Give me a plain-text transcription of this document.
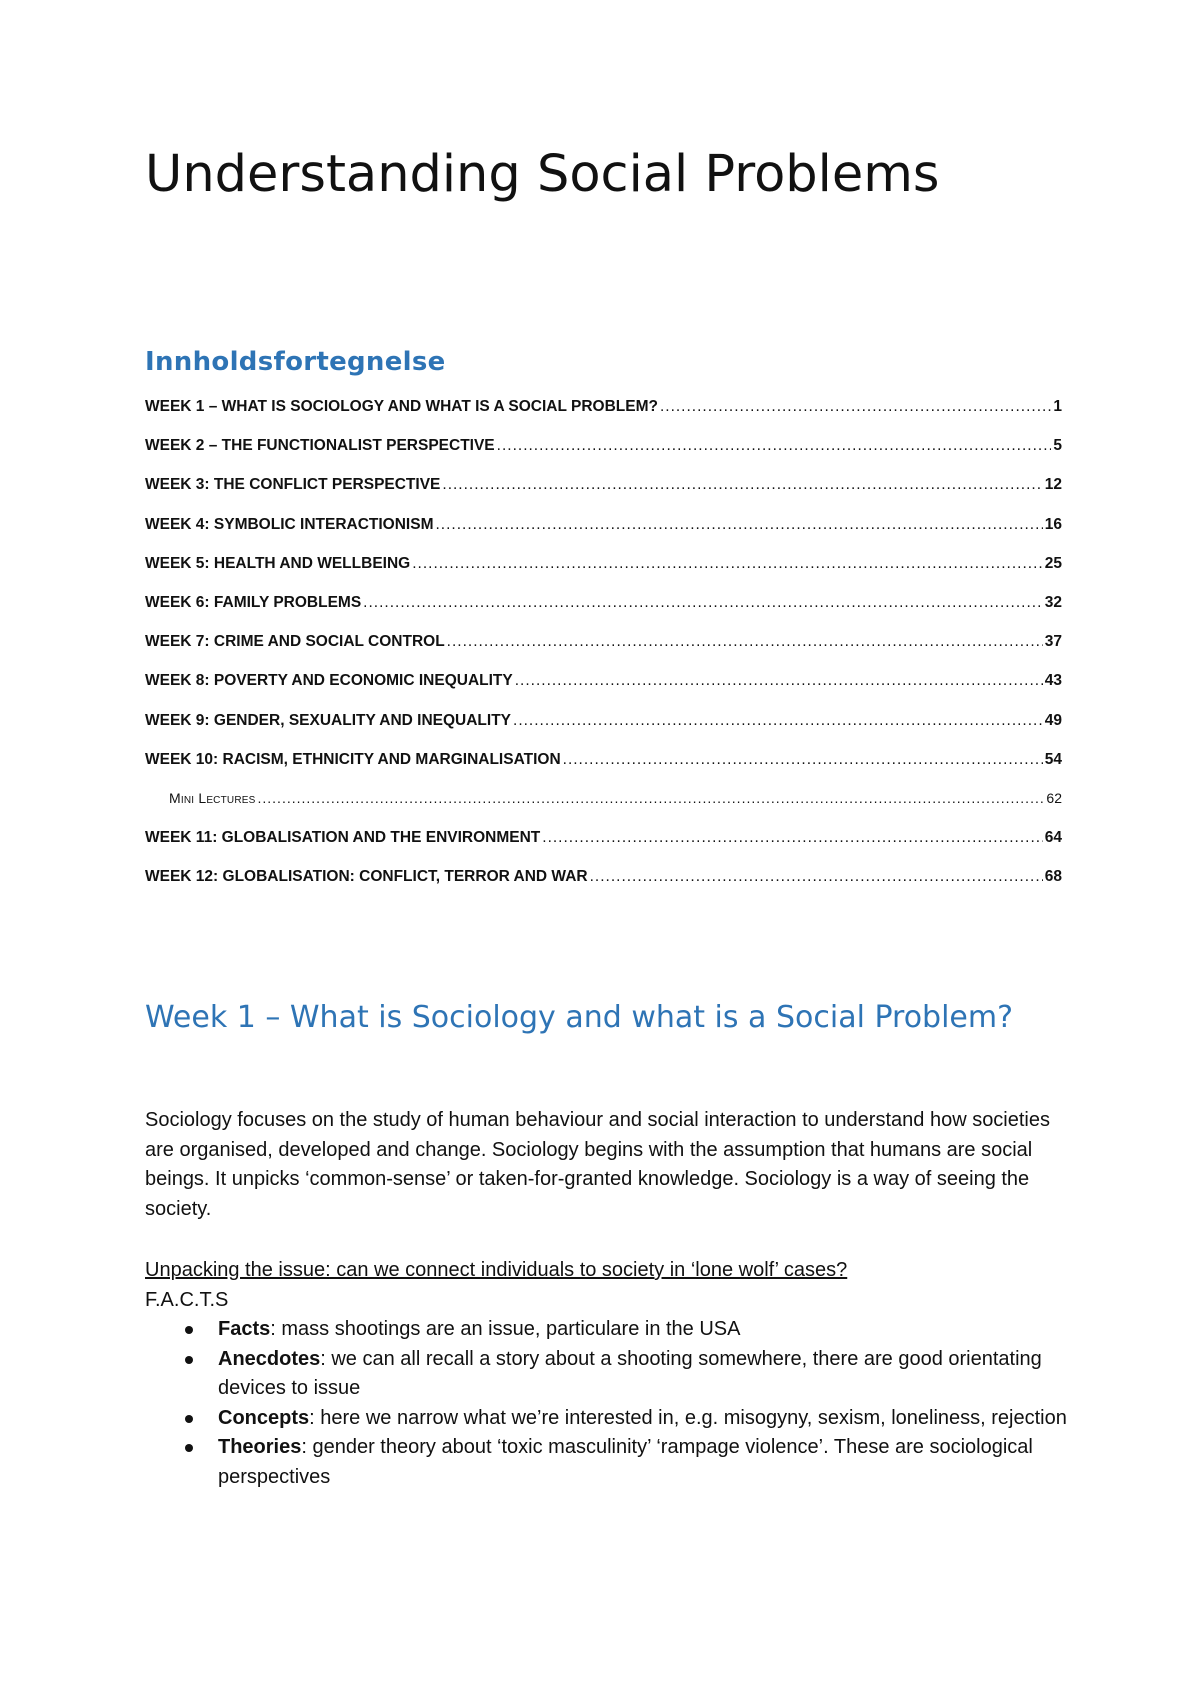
Understanding Social Problems
Innholdsfortegnelse
WEEK 1 – WHAT IS SOCIOLOGY AND WHAT IS A SOCIAL PROBLEM? .....	1
WEEK 2 – THE FUNCTIONALIST PERSPECTIVE .....	5
WEEK 3: THE CONFLICT PERSPECTIVE .....	12
WEEK 4: SYMBOLIC INTERACTIONISM .....	16
WEEK 5: HEALTH AND WELLBEING .....	25
WEEK 6: FAMILY PROBLEMS .....	32
WEEK 7: CRIME AND SOCIAL CONTROL .....	37
WEEK 8: POVERTY AND ECONOMIC INEQUALITY .....	43
WEEK 9: GENDER, SEXUALITY AND INEQUALITY .....	49
WEEK 10: RACISM, ETHNICITY AND MARGINALISATION .....	54
Mini Lectures .....	62
WEEK 11: GLOBALISATION AND THE ENVIRONMENT .....	64
WEEK 12: GLOBALISATION: CONFLICT, TERROR AND WAR .....	68
Week 1 – What is Sociology and what is a Social Problem?

Sociology focuses on the study of human behaviour and social interaction to understand how societies are organised, developed and change. Sociology begins with the assumption that humans are social beings. It unpicks ‘common-sense’ or taken-for-granted knowledge. Sociology is a way of seeing the society.

Unpacking the issue: can we connect individuals to society in ‘lone wolf’ cases?

F.A.C.T.S

Facts: mass shootings are an issue, particulare in the USA
Anecdotes: we can all recall a story about a shooting somewhere, there are good orientating devices to issue
Concepts: here we narrow what we’re interested in, e.g. misogyny, sexism, loneliness, rejection
Theories: gender theory about ‘toxic masculinity’ ‘rampage violence’. These are sociological perspectives
